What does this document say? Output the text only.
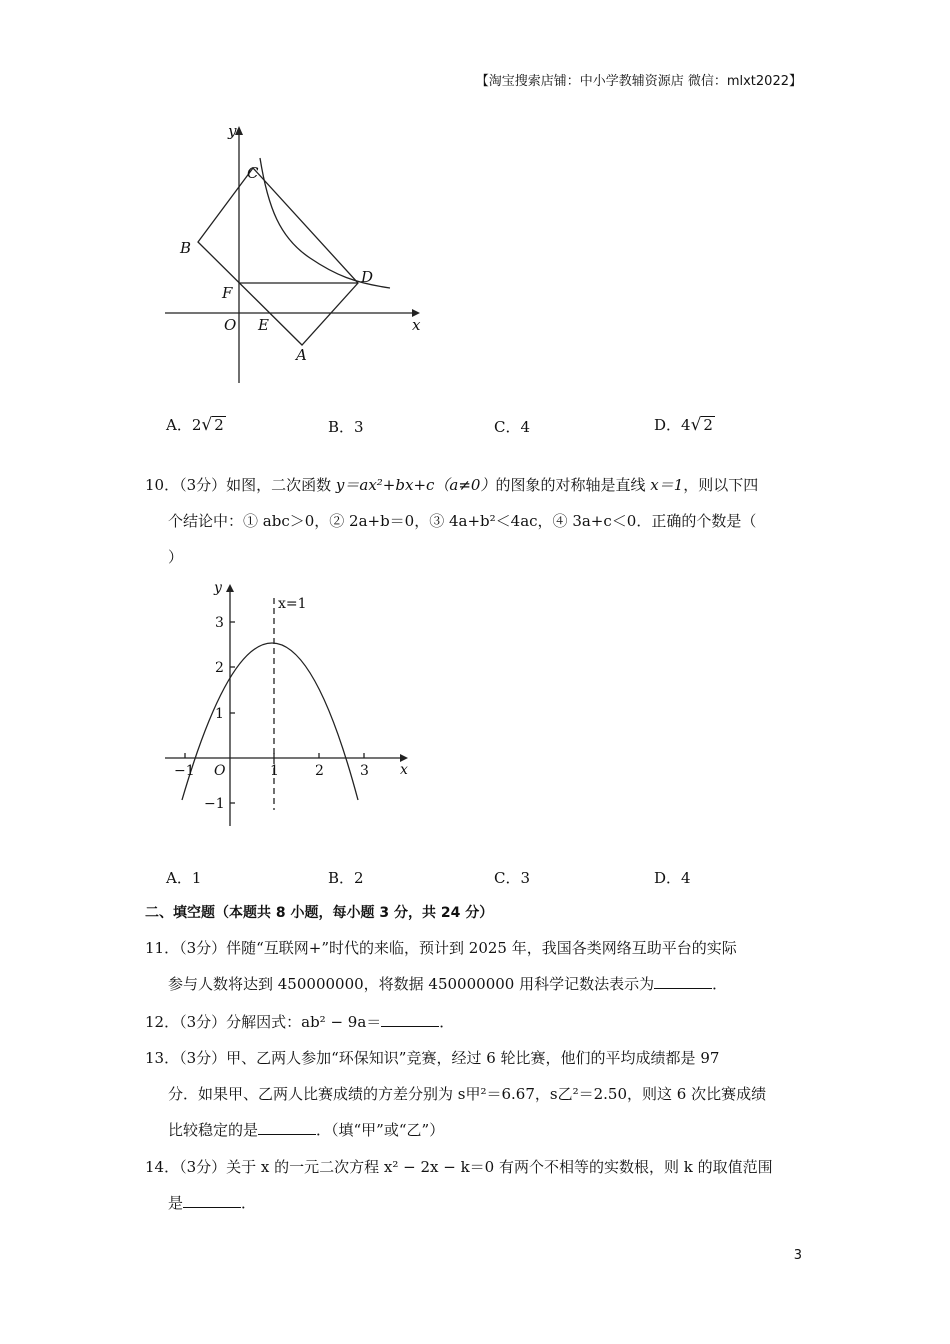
【淘宝搜索店铺：中小学教辅资源店 微信：mlxt2022】
y
x
O E
A
B
C
D
F
A．2√ 2	B．3	C．4	D．4√ 2
10．（3分）如图，二次函数 y＝ax²+bx+c（a≠0）的图象的对称轴是直线 x＝1，则以下四
个结论中：① abc＞0，② 2a+b＝0，③ 4a+b²＜4ac，④ 3a+c＜0．正确的个数是（
）
x=1
y
x
O
−1	1	2	3
3
2
1
−1
A．1	B．2	C．3	D．4
二、填空题（本题共 8 小题，每小题 3 分，共 24 分）
11．（3分）伴随“互联网+”时代的来临，预计到 2025 年，我国各类网络互助平台的实际
参与人数将达到 450000000，将数据 450000000 用科学记数法表示为	．
12．（3分）分解因式：ab² − 9a＝	．
13．（3分）甲、乙两人参加“环保知识”竞赛，经过 6 轮比赛，他们的平均成绩都是 97
分．如果甲、乙两人比赛成绩的方差分别为 s甲²＝6.67，s乙²＝2.50，则这 6 次比赛成绩
比较稳定的是	．（填“甲”或“乙”）
14．（3分）关于 x 的一元二次方程 x² − 2x − k＝0 有两个不相等的实数根，则 k 的取值范围
是	．
3
